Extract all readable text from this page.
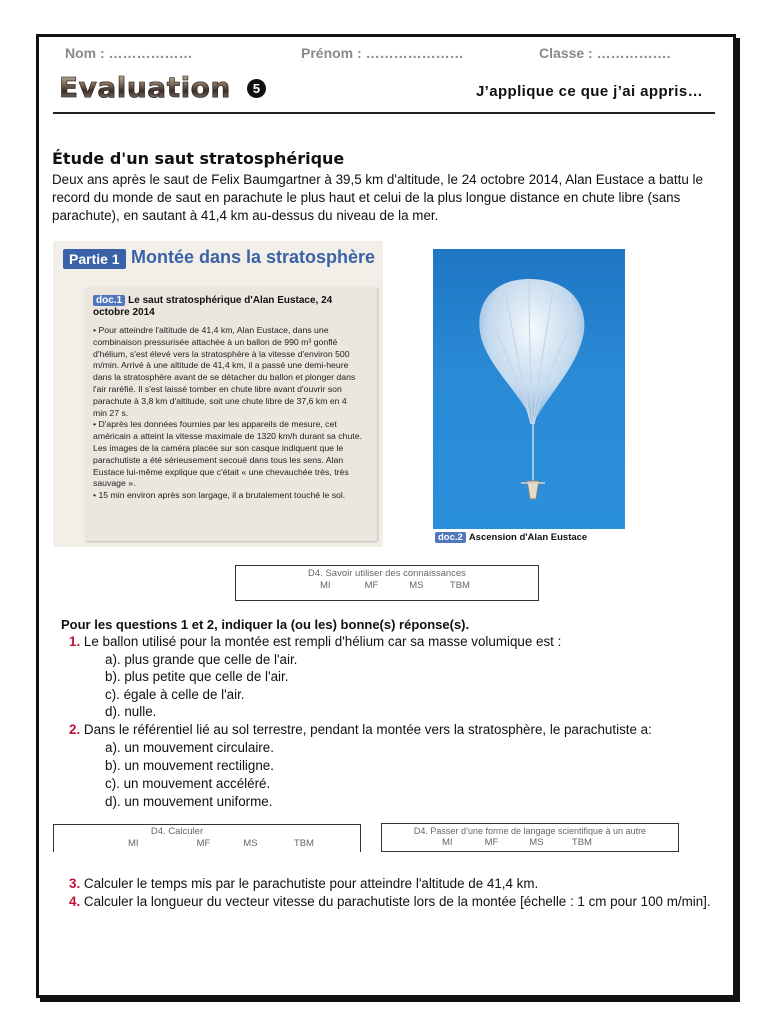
Nom : ………………	Prénom : …………………	Classe : …………….
Evaluation	5	J’applique ce que j’ai appris…
Étude d'un saut stratosphérique
Deux ans après le saut de Felix Baumgartner à 39,5 km d'altitude, le 24 octobre 2014, Alan Eustace a battu le record du monde de saut en parachute le plus haut et celui de la plus longue distance en chute libre (sans parachute), en sautant à 41,4 km au-dessus du niveau de la mer.
Partie 1 Montée dans la stratosphère
doc.1 Le saut stratosphérique d'Alan Eustace, 24 octobre 2014

• Pour atteindre l'altitude de 41,4 km, Alan Eustace, dans une combinaison pressurisée attachée à un ballon de 990 m³ gonflé d'hélium, s'est élevé vers la stratosphère à la vitesse d'environ 500 m/min. Arrivé à une altitude de 41,4 km, il a passé une demi-heure dans la stratosphère avant de se détacher du ballon et plonger dans l'air raréfié. Il s'est laissé tomber en chute libre avant d'ouvrir son parachute à 3,8 km d'altitude, soit une chute libre de 37,6 km en 4 min 27 s.

• D'après les données fournies par les appareils de mesure, cet américain a atteint la vitesse maximale de 1320 km/h durant sa chute. Les images de la caméra placée sur son casque indiquent que le parachutiste a été sérieusement secoué dans tous les sens. Alan Eustace lui-même explique que c'était « une chevauchée très, très sauvage ».

• 15 min environ après son largage, il a brutalement touché le sol.

doc.2 Ascension d'Alan Eustace
D4. Savoir utiliser des connaissances
MI	MF	MS	TBM
Pour les questions 1 et 2, indiquer la (ou les) bonne(s) réponse(s).
1. Le ballon utilisé pour la montée est rempli d'hélium car sa masse volumique est :
a). plus grande que celle de l'air.
b). plus petite que celle de l'air.
c). égale à celle de l'air.
d). nulle.
2. Dans le référentiel lié au sol terrestre, pendant la montée vers la stratosphère, le parachutiste a:
a). un mouvement circulaire.
b). un mouvement rectiligne.
c). un mouvement accéléré.
d). un mouvement uniforme.
D4. Calculer
MI	MF	MS	TBM
D4. Passer d’une forme de langage scientifique à un autre
MI	MF	MS	TBM
3. Calculer le temps mis par le parachutiste pour atteindre l'altitude de 41,4 km.
4. Calculer la longueur du vecteur vitesse du parachutiste lors de la montée [échelle : 1 cm pour 100 m/min].
